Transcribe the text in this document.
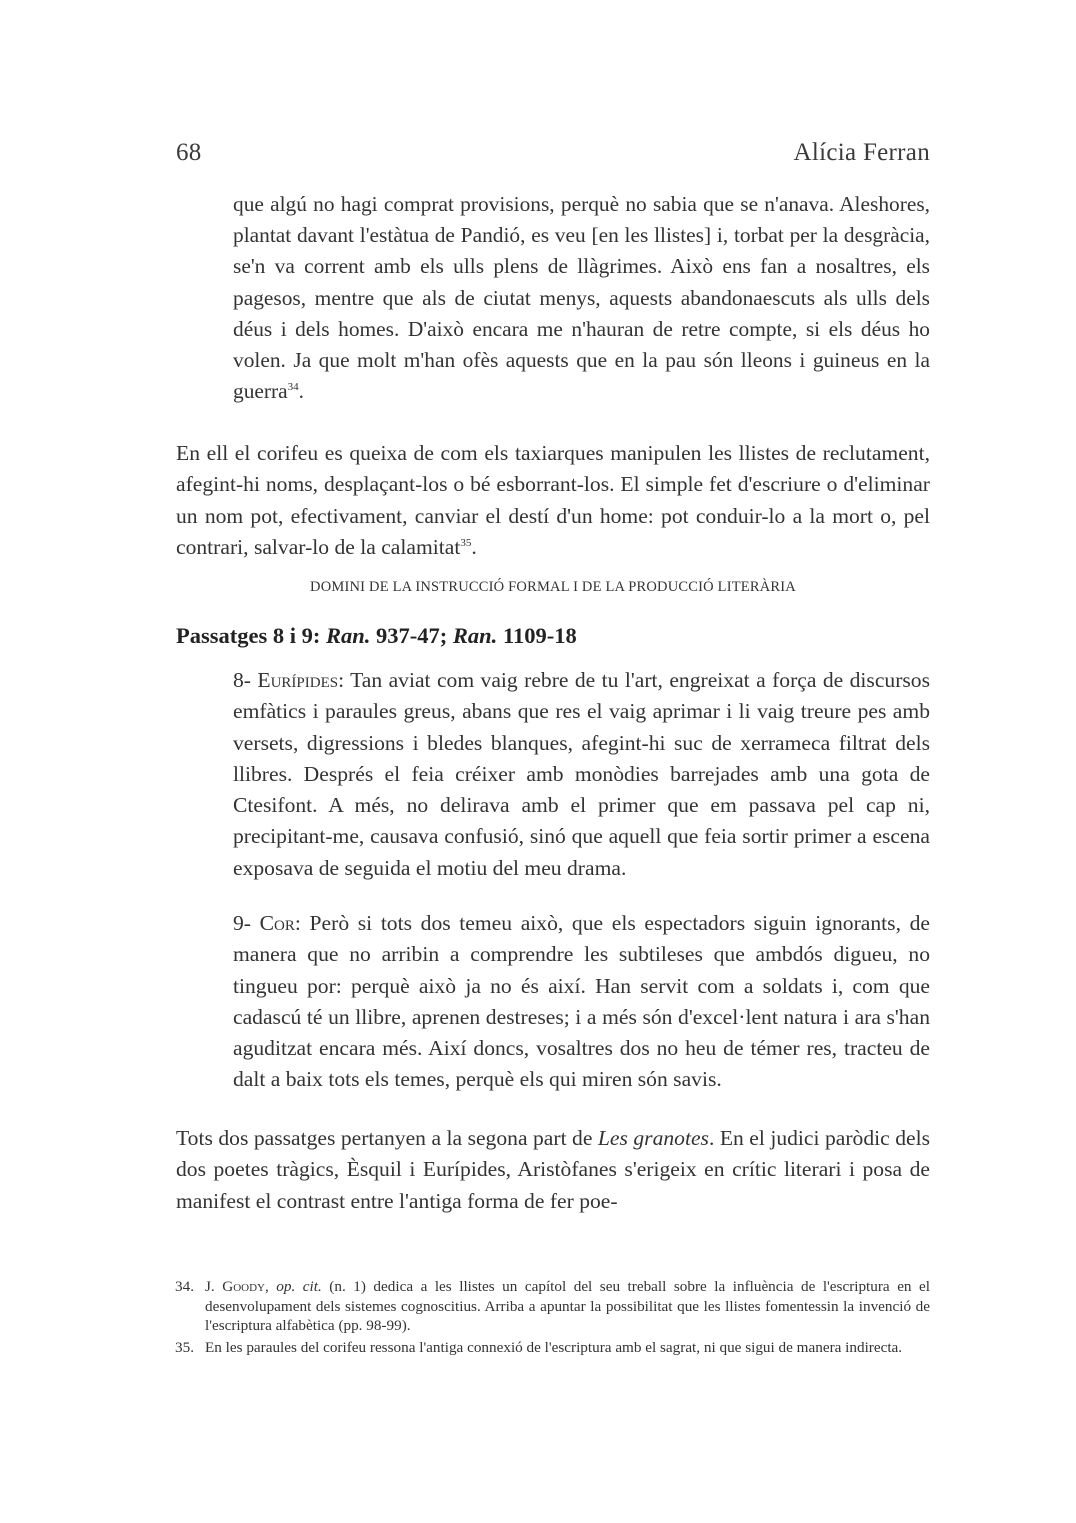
68	Alícia Ferran

que algú no hagi comprat provisions, perquè no sabia que se n'anava. Aleshores, plantat davant l'estàtua de Pandió, es veu [en les llistes] i, torbat per la desgràcia, se'n va corrent amb els ulls plens de llàgrimes. Això ens fan a nosaltres, els pagesos, mentre que als de ciutat menys, aquests abandonaescuts als ulls dels déus i dels homes. D'això encara me n'hauran de retre compte, si els déus ho volen. Ja que molt m'han ofès aquests que en la pau són lleons i guineus en la guerra$^{34}$.

En ell el corifeu es queixa de com els taxiarques manipulen les llistes de reclutament, afegint-hi noms, desplaçant-los o bé esborrant-los. El simple fet d'escriure o d'eliminar un nom pot, efectivament, canviar el destí d'un home: pot conduir-lo a la mort o, pel contrari, salvar-lo de la calamitat$^{35}$.

DOMINI DE LA INSTRUCCIÓ FORMAL I DE LA PRODUCCIÓ LITERÀRIA
Passatges 8 i 9: Ran. 937-47; Ran. 1109-18

8- Eurípides: Tan aviat com vaig rebre de tu l'art, engreixat a força de discursos emfàtics i paraules greus, abans que res el vaig aprimar i li vaig treure pes amb versets, digressions i bledes blanques, afegint-hi suc de xerrameca filtrat dels llibres. Després el feia créixer amb monòdies barrejades amb una gota de Ctesifont. A més, no delirava amb el primer que em passava pel cap ni, precipitant-me, causava confusió, sinó que aquell que feia sortir primer a escena exposava de seguida el motiu del meu drama.

9- Cor: Però si tots dos temeu això, que els espectadors siguin ignorants, de manera que no arribin a comprendre les subtileses que ambdós digueu, no tingueu por: perquè això ja no és així. Han servit com a soldats i, com que cadascú té un llibre, aprenen destreses; i a més són d'excel·lent natura i ara s'han aguditzat encara més. Així doncs, vosaltres dos no heu de témer res, tracteu de dalt a baix tots els temes, perquè els qui miren són savis.

Tots dos passatges pertanyen a la segona part de Les granotes. En el judici paròdic dels dos poetes tràgics, Èsquil i Eurípides, Aristòfanes s'erigeix en crític literari i posa de manifest el contrast entre l'antiga forma de fer poe-

34. J. Goody, op. cit. (n. 1) dedica a les llistes un capítol del seu treball sobre la influència de l'escriptura en el desenvolupament dels sistemes cognoscitius. Arriba a apuntar la possibilitat que les llistes fomentessin la invenció de l'escriptura alfabètica (pp. 98-99).
35. En les paraules del corifeu ressona l'antiga connexió de l'escriptura amb el sagrat, ni que sigui de manera indirecta.
